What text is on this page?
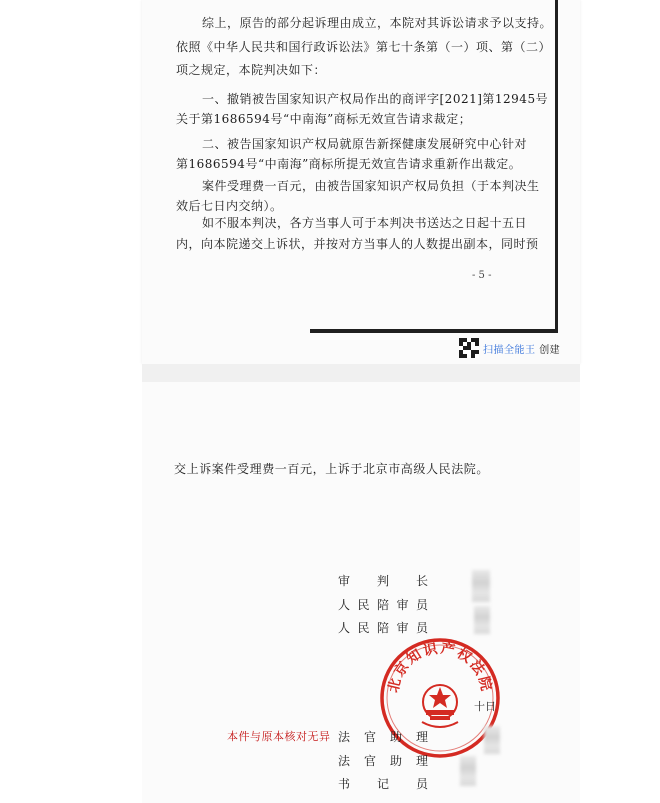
综上，原告的部分起诉理由成立，本院对其诉讼请求予以支持。
依照《中华人民共和国行政诉讼法》第七十条第（一）项、第（二）
项之规定，本院判决如下：
一、撤销被告国家知识产权局作出的商评字[2021]第12945号
关于第1686594号“中南海”商标无效宣告请求裁定；
二、被告国家知识产权局就原告新探健康发展研究中心针对
第1686594号“中南海”商标所提无效宣告请求重新作出裁定。
案件受理费一百元，由被告国家知识产权局负担（于本判决生
效后七日内交纳）。
如不服本判决，各方当事人可于本判决书送达之日起十五日
内，向本院递交上诉状，并按对方当事人的人数提出副本，同时预
- 5 -
扫描全能王 创建
交上诉案件受理费一百元，上诉于北京市高级人民法院。
审 判 长
人 民 陪 审 员
人 民 陪 审 员
北京知识产权法院
十日
本件与原本核对无异 法 官 助 理
法 官 助 理
书 记 员
